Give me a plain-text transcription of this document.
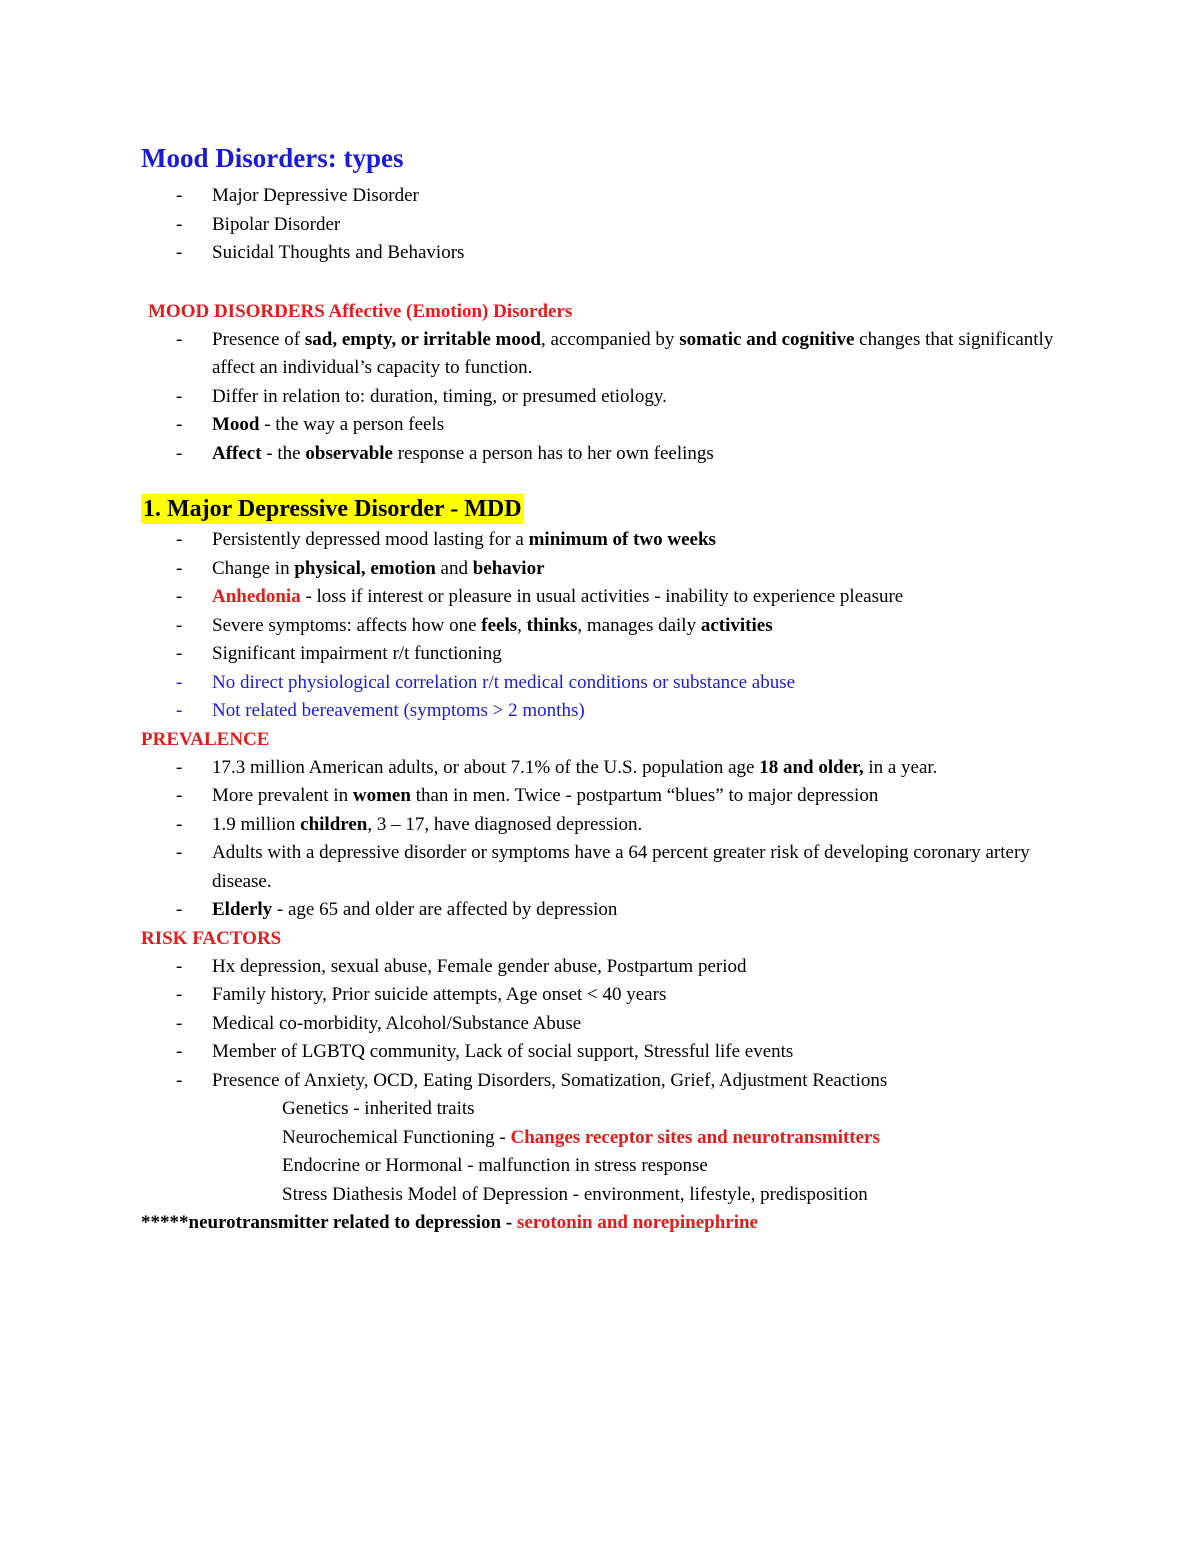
Mood Disorders: types
- Major Depressive Disorder
- Bipolar Disorder
- Suicidal Thoughts and Behaviors
MOOD DISORDERS Affective (Emotion) Disorders
- Presence of sad, empty, or irritable mood, accompanied by somatic and cognitive changes that significantly affect an individual’s capacity to function.
- Differ in relation to: duration, timing, or presumed etiology.
- Mood - the way a person feels
- Affect - the observable response a person has to her own feelings
1. Major Depressive Disorder - MDD
- Persistently depressed mood lasting for a minimum of two weeks
- Change in physical, emotion and behavior
- Anhedonia - loss if interest or pleasure in usual activities - inability to experience pleasure
- Severe symptoms: affects how one feels, thinks, manages daily activities
- Significant impairment r/t functioning
- No direct physiological correlation r/t medical conditions or substance abuse
- Not related bereavement (symptoms > 2 months)
PREVALENCE
- 17.3 million American adults, or about 7.1% of the U.S. population age 18 and older, in a year.
- More prevalent in women than in men. Twice - postpartum “blues” to major depression
- 1.9 million children, 3 – 17, have diagnosed depression.
- Adults with a depressive disorder or symptoms have a 64 percent greater risk of developing coronary artery disease.
- Elderly - age 65 and older are affected by depression
RISK FACTORS
- Hx depression, sexual abuse, Female gender abuse, Postpartum period
- Family history, Prior suicide attempts, Age onset < 40 years
- Medical co-morbidity, Alcohol/Substance Abuse
- Member of LGBTQ community, Lack of social support, Stressful life events
- Presence of Anxiety, OCD, Eating Disorders, Somatization, Grief, Adjustment Reactions
Genetics - inherited traits
Neurochemical Functioning - Changes receptor sites and neurotransmitters
Endocrine or Hormonal - malfunction in stress response
Stress Diathesis Model of Depression - environment, lifestyle, predisposition
*****neurotransmitter related to depression - serotonin and norepinephrine
